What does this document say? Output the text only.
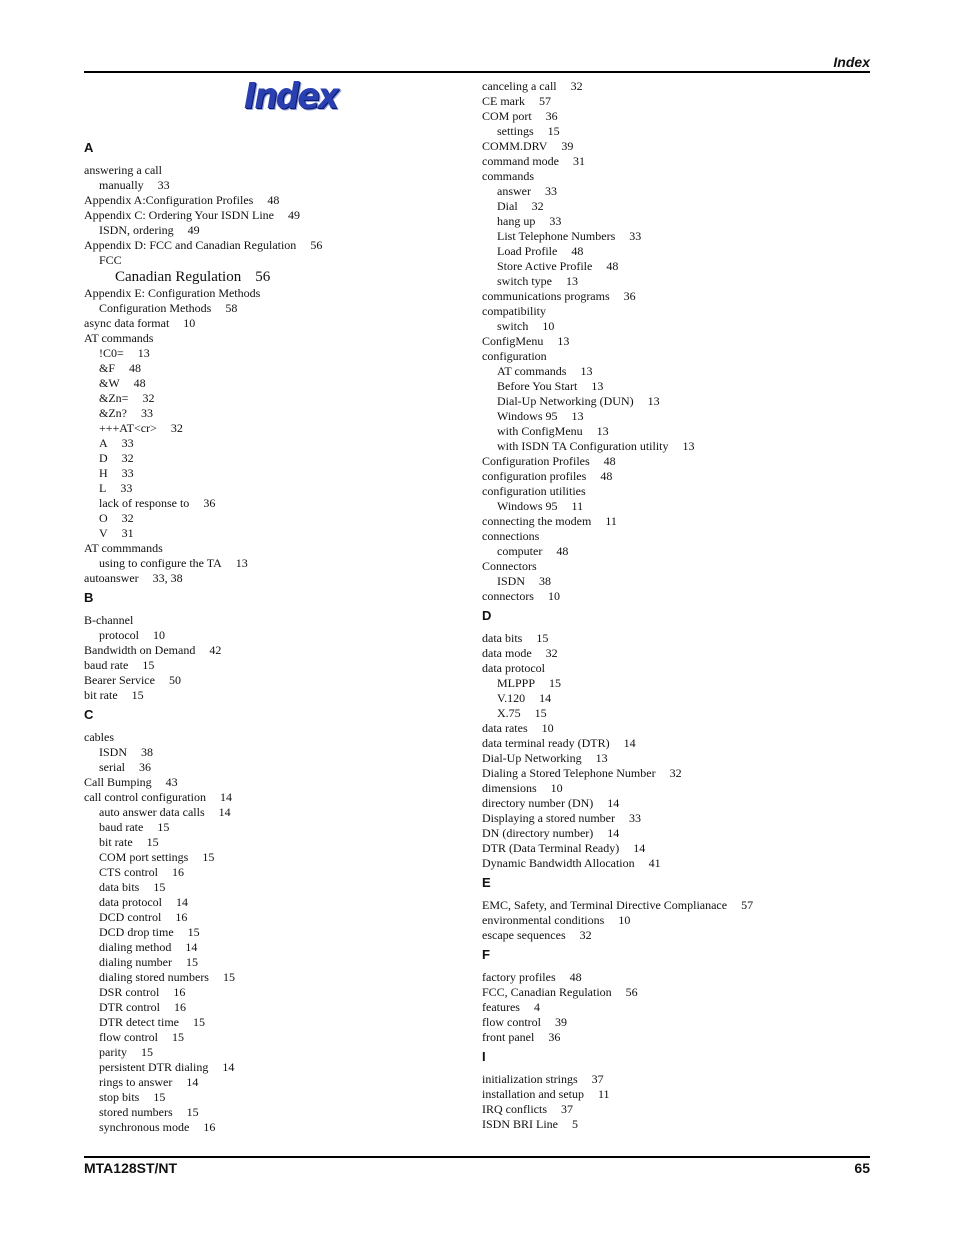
Index
Index
A
answering a call
manually 33
Appendix A:Configuration Profiles 48
Appendix C: Ordering Your ISDN Line 49
ISDN, ordering 49
Appendix D: FCC and Canadian Regulation 56
FCC
Canadian Regulation 56
Appendix E: Configuration Methods
Configuration Methods 58
async data format 10
AT commands
!C0= 13
&F 48
&W 48
&Zn= 32
&Zn? 33
+++AT<cr> 32
A 33
D 32
H 33
L 33
lack of response to 36
O 32
V 31
AT commmands
using to configure the TA 13
autoanswer 33, 38
B
B-channel
protocol 10
Bandwidth on Demand 42
baud rate 15
Bearer Service 50
bit rate 15
C
cables
ISDN 38
serial 36
Call Bumping 43
call control configuration 14
auto answer data calls 14
baud rate 15
bit rate 15
COM port settings 15
CTS control 16
data bits 15
data protocol 14
DCD control 16
DCD drop time 15
dialing method 14
dialing number 15
dialing stored numbers 15
DSR control 16
DTR control 16
DTR detect time 15
flow control 15
parity 15
persistent DTR dialing 14
rings to answer 14
stop bits 15
stored numbers 15
synchronous mode 16
canceling a call 32
CE mark 57
COM port 36
settings 15
COMM.DRV 39
command mode 31
commands
answer 33
Dial 32
hang up 33
List Telephone Numbers 33
Load Profile 48
Store Active Profile 48
switch type 13
communications programs 36
compatibility
switch 10
ConfigMenu 13
configuration
AT commands 13
Before You Start 13
Dial-Up Networking (DUN) 13
Windows 95 13
with ConfigMenu 13
with ISDN TA Configuration utility 13
Configuration Profiles 48
configuration profiles 48
configuration utilities
Windows 95 11
connecting the modem 11
connections
computer 48
Connectors
ISDN 38
connectors 10
D
data bits 15
data mode 32
data protocol
MLPPP 15
V.120 14
X.75 15
data rates 10
data terminal ready (DTR) 14
Dial-Up Networking 13
Dialing a Stored Telephone Number 32
dimensions 10
directory number (DN) 14
Displaying a stored number 33
DN (directory number) 14
DTR (Data Terminal Ready) 14
Dynamic Bandwidth Allocation 41
E
EMC, Safety, and Terminal Directive Complianace 57
environmental conditions 10
escape sequences 32
F
factory profiles 48
FCC, Canadian Regulation 56
features 4
flow control 39
front panel 36
I
initialization strings 37
installation and setup 11
IRQ conflicts 37
ISDN BRI Line 5
MTA128ST/NT	65
